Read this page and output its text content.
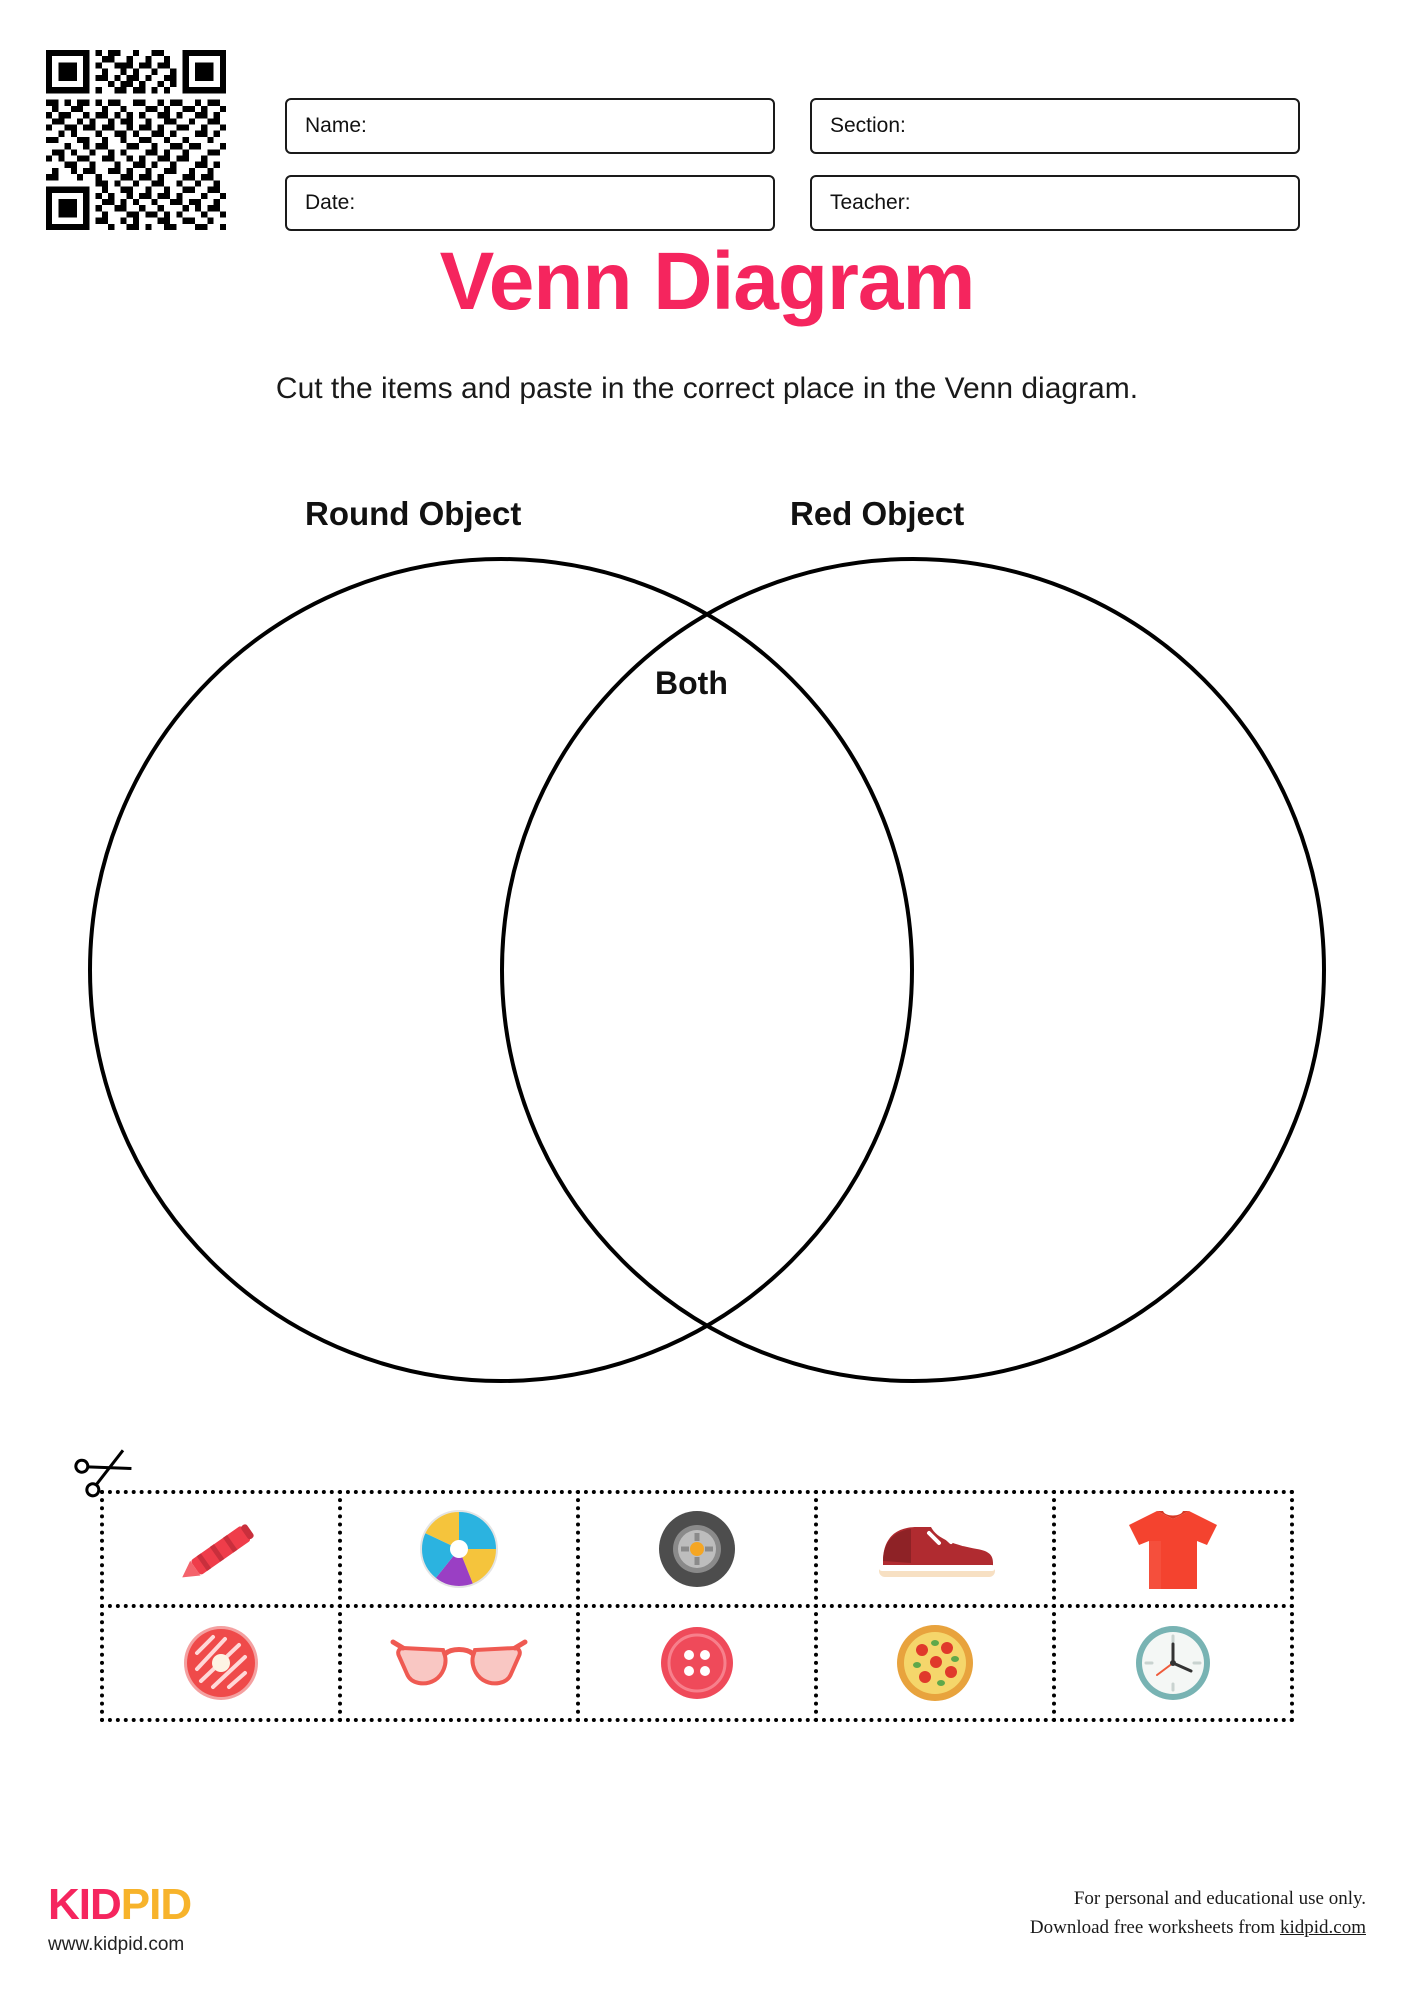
Name:	Section:
Date:	Teacher:
Venn Diagram
Cut the items and paste in the correct place in the Venn diagram.
Round Object	Red Object
Both
KIDPID
www.kidpid.com
For personal and educational use only.
Download free worksheets from kidpid.com
